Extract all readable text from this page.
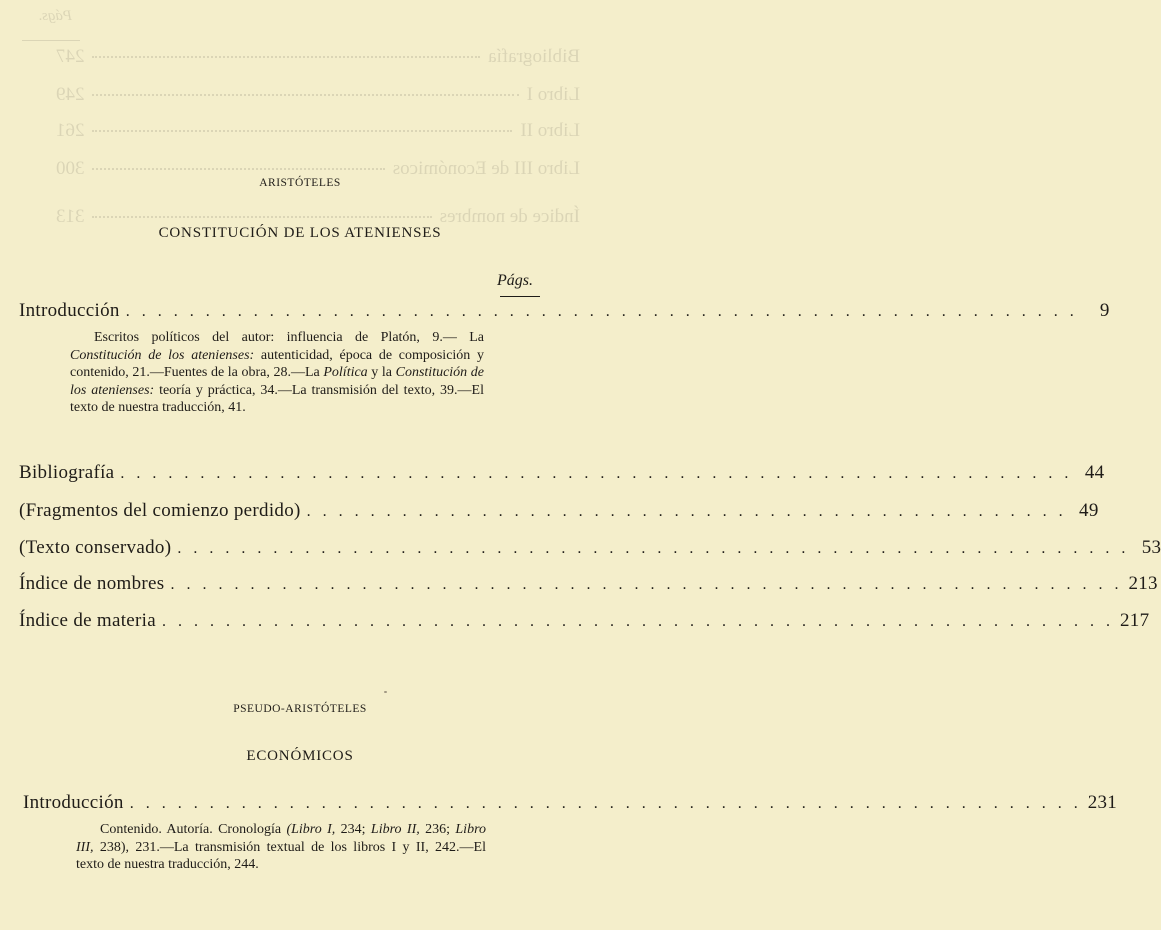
Págs.
Bibliografía
247
Libro I
249
Libro II
261
Libro III de Económicos
300
Índice de nombres
313
ARISTÓTELES
CONSTITUCIÓN DE LOS ATENIENSES
Págs.
Introducción . . . . . . . . . . . . . . . . . . . . . . . . . . . . . . . . . . . . . . . . . . . . . . . . . . . . . . . . . . . .	9
Escritos políticos del autor: influencia de Platón, 9.— La Constitución de los atenienses: autenticidad, época de composición y contenido, 21.—Fuentes de la obra, 28.—La Política y la Constitución de los atenienses: teoría y práctica, 34.—La transmisión del texto, 39.—El texto de nuestra traducción, 41.
Bibliografía . . . . . . . . . . . . . . . . . . . . . . . . . . . . . . . . . . . . . . . . . . . . . . . . . . . . . . . . . . . . 44
(Fragmentos del comienzo perdido) . . . . . . . . . . . . . . . . . . . . . . . . . . . . . . . . . . . . . . . . . . . . . . . . 49
(Texto conservado) . . . . . . . . . . . . . . . . . . . . . . . . . . . . . . . . . . . . . . . . . . . . . . . . . . . . . . . . . . . . 53
Índice de nombres . . . . . . . . . . . . . . . . . . . . . . . . . . . . . . . . . . . . . . . . . . . . . . . . . . . . . . . . . . . . 213
Índice de materia . . . . . . . . . . . . . . . . . . . . . . . . . . . . . . . . . . . . . . . . . . . . . . . . . . . . . . . . . . . . 217
PSEUDO-ARISTÓTELES
ECONÓMICOS
Introducción . . . . . . . . . . . . . . . . . . . . . . . . . . . . . . . . . . . . . . . . . . . . . . . . . . . . . . . . . . . . 231
Contenido. Autoría. Cronología (Libro I, 234; Libro II, 236; Libro III, 238), 231.—La transmisión textual de los libros I y II, 242.—El texto de nuestra traducción, 244.
